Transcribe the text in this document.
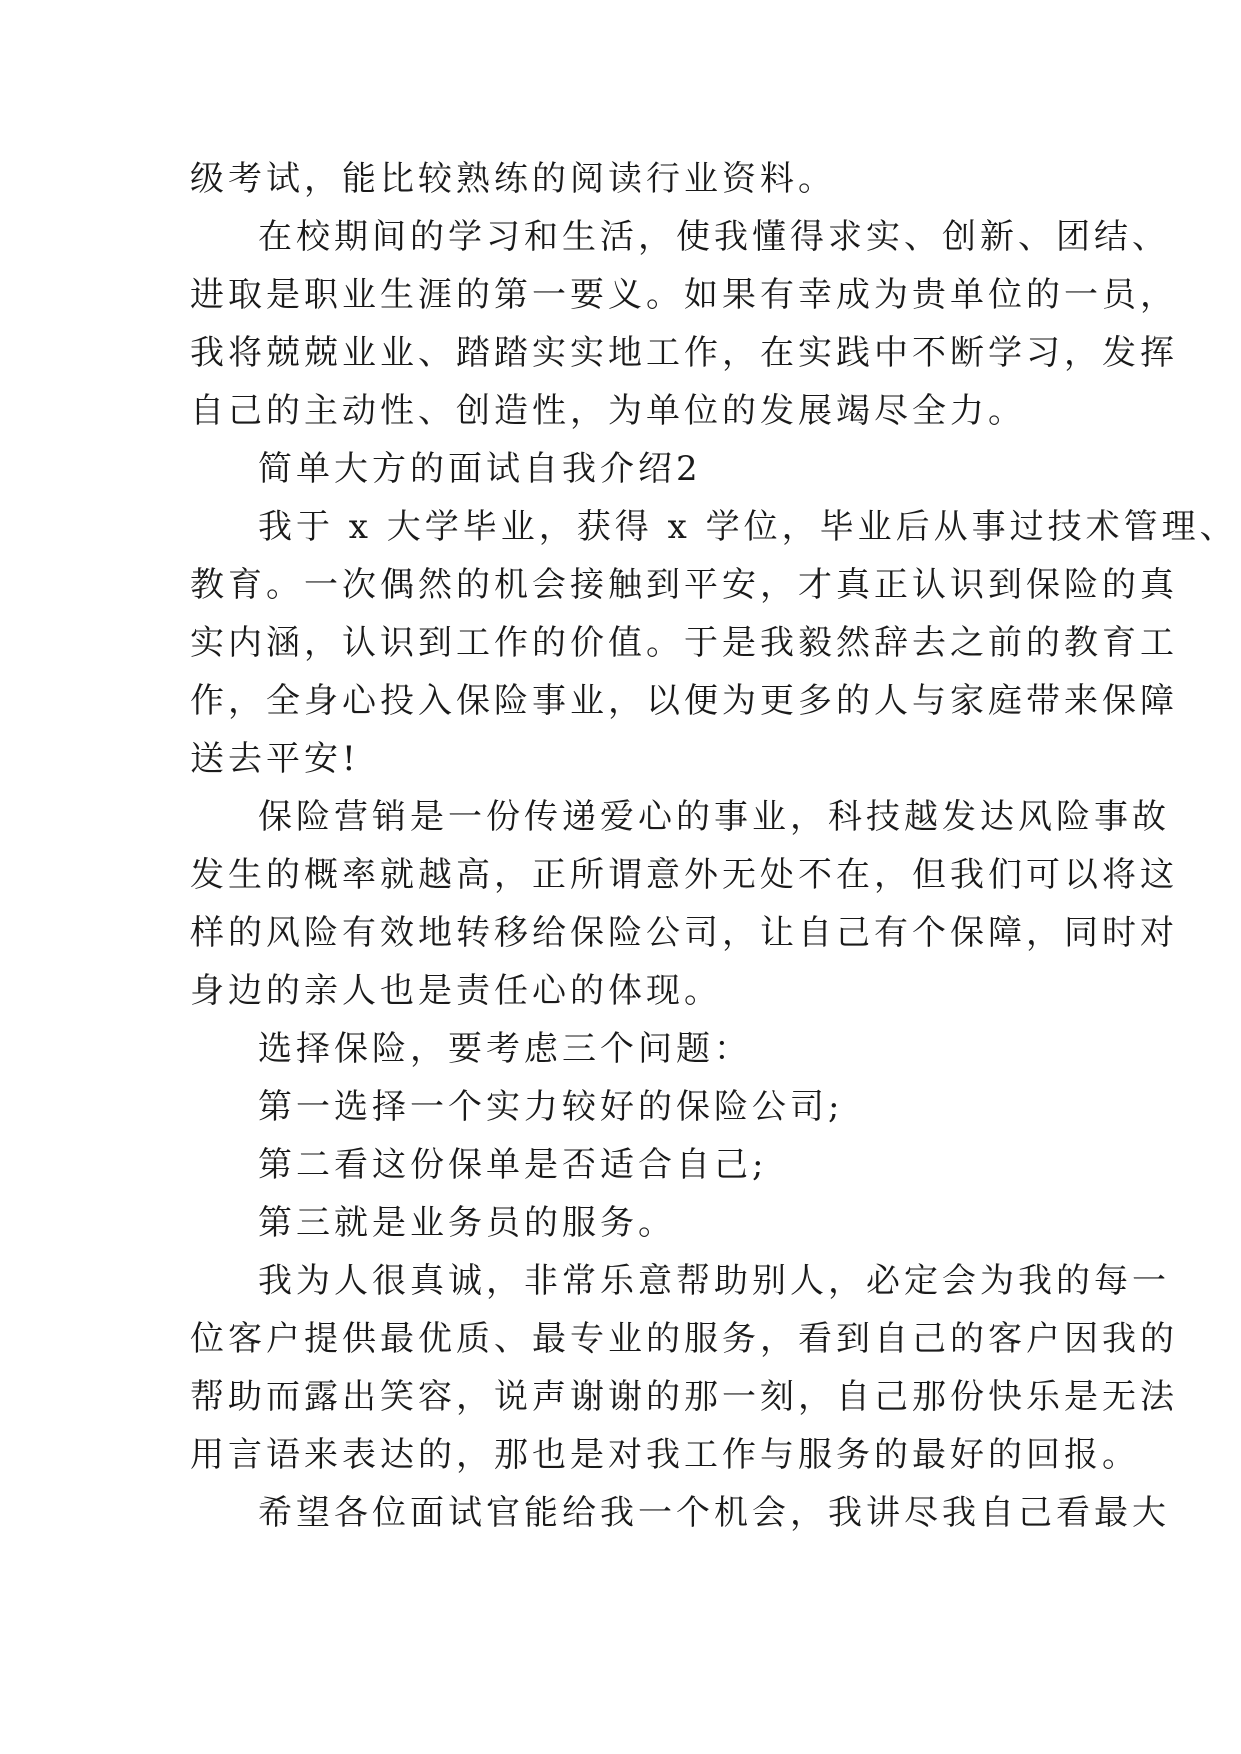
级考试，能比较熟练的阅读行业资料。
在校期间的学习和生活，使我懂得求实、创新、团结、
进取是职业生涯的第一要义。如果有幸成为贵单位的一员，
我将兢兢业业、踏踏实实地工作，在实践中不断学习，发挥
自己的主动性、创造性，为单位的发展竭尽全力。
简单大方的面试自我介绍2
我于 x 大学毕业，获得 x 学位，毕业后从事过技术管理、
教育。一次偶然的机会接触到平安，才真正认识到保险的真
实内涵，认识到工作的价值。于是我毅然辞去之前的教育工
作，全身心投入保险事业，以便为更多的人与家庭带来保障
送去平安!
保险营销是一份传递爱心的事业，科技越发达风险事故
发生的概率就越高，正所谓意外无处不在，但我们可以将这
样的风险有效地转移给保险公司，让自己有个保障，同时对
身边的亲人也是责任心的体现。
选择保险，要考虑三个问题：
第一选择一个实力较好的保险公司;
第二看这份保单是否适合自己;
第三就是业务员的服务。
我为人很真诚，非常乐意帮助别人，必定会为我的每一
位客户提供最优质、最专业的服务，看到自己的客户因我的
帮助而露出笑容，说声谢谢的那一刻，自己那份快乐是无法
用言语来表达的，那也是对我工作与服务的最好的回报。
希望各位面试官能给我一个机会，我讲尽我自己看最大
